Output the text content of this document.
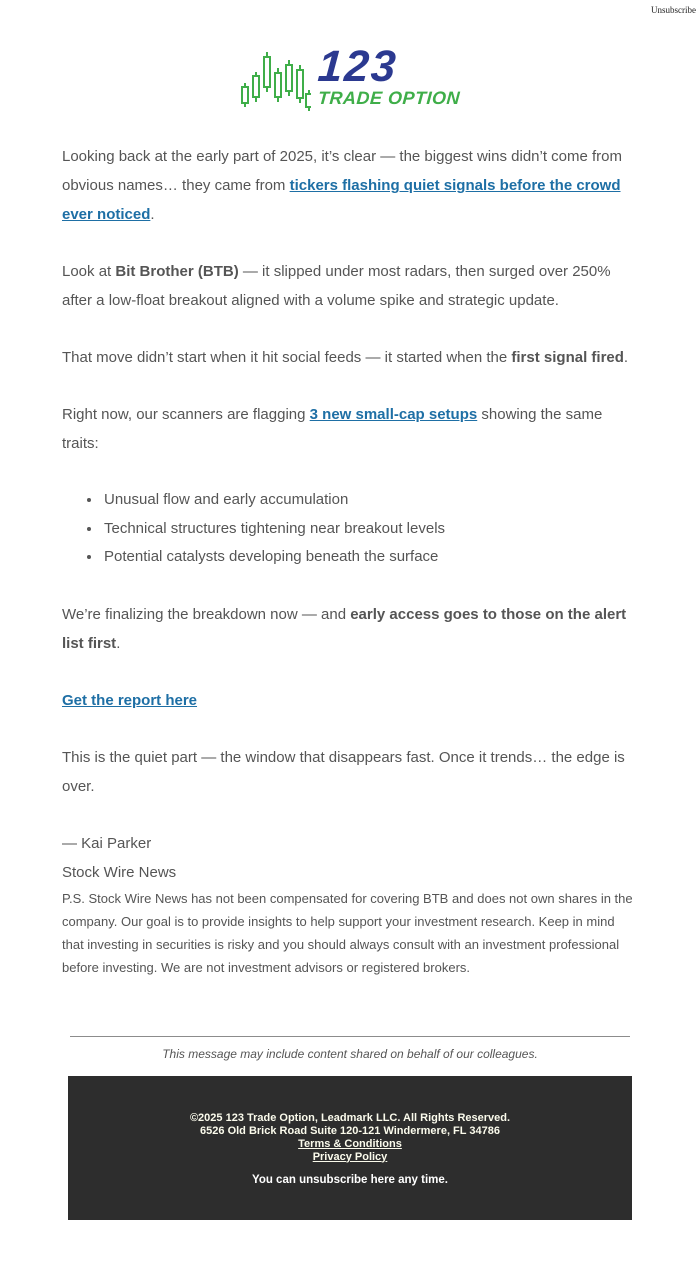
Unsubscribe
123
TRADE OPTION

Looking back at the early part of 2025, it’s clear — the biggest wins didn’t come from obvious names… they came from tickers flashing quiet signals before the crowd ever noticed.

Look at Bit Brother (BTB) — it slipped under most radars, then surged over 250% after a low-float breakout aligned with a volume spike and strategic update.

That move didn’t start when it hit social feeds — it started when the first signal fired.

Right now, our scanners are flagging 3 new small-cap setups showing the same traits:

• Unusual flow and early accumulation
• Technical structures tightening near breakout levels
• Potential catalysts developing beneath the surface

We’re finalizing the breakdown now — and early access goes to those on the alert list first.

Get the report here

This is the quiet part — the window that disappears fast. Once it trends… the edge is over.

— Kai Parker
Stock Wire News

P.S. Stock Wire News has not been compensated for covering BTB and does not own shares in the company. Our goal is to provide insights to help support your investment research. Keep in mind that investing in securities is risky and you should always consult with an investment professional before investing. We are not investment advisors or registered brokers.

This message may include content shared on behalf of our colleagues.
©2025 123 Trade Option, Leadmark LLC. All Rights Reserved.
6526 Old Brick Road Suite 120-121 Windermere, FL 34786
Terms & Conditions
Privacy Policy
You can unsubscribe here any time.
